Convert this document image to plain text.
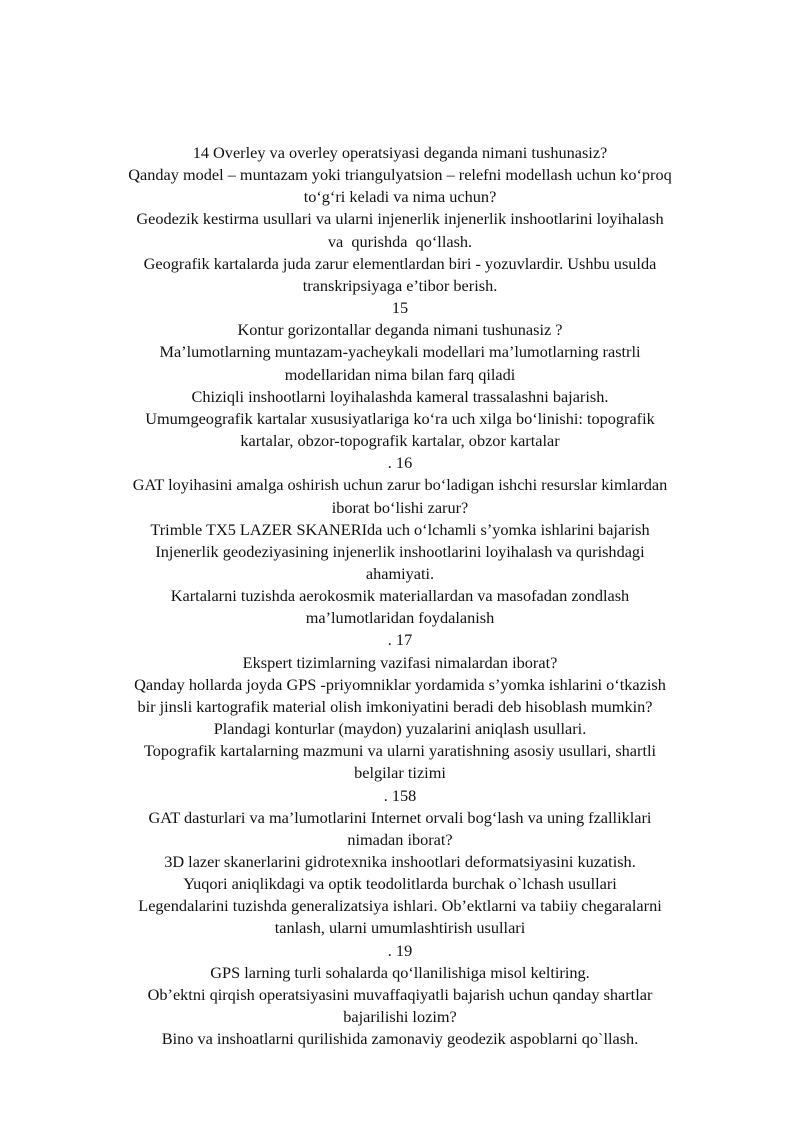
14 Overley va overley operatsiyasi deganda nimani tushunasiz?
Qanday model – muntazam yoki triangulyatsion – relefni modellash uchun ko‘proq
to‘g‘ri keladi va nima uchun?
Geodezik kestirma usullari va ularni injenerlik injenerlik inshootlarini loyihalash
va  qurishda  qo‘llash.
Geografik kartalarda juda zarur elementlardan biri - yozuvlardir. Ushbu usulda
transkripsiyaga e’tibor berish.
15
Kontur gorizontallar deganda nimani tushunasiz ?
Ma’lumotlarning muntazam-yacheykali modellari ma’lumotlarning rastrli
modellaridan nima bilan farq qiladi
Chiziqli inshootlarni loyihalashda kameral trassalashni bajarish.
Umumgeografik kartalar xususiyatlariga ko‘ra uch xilga bo‘linishi: topografik
kartalar, obzor-topografik kartalar, obzor kartalar
. 16
GAT loyihasini amalga oshirish uchun zarur bo‘ladigan ishchi resurslar kimlardan
iborat bo‘lishi zarur?
Trimble TX5 LAZER SKANERIda uch o‘lchamli s’yomka ishlarini bajarish
Injenerlik geodeziyasining injenerlik inshootlarini loyihalash va qurishdagi
ahamiyati.
Kartalarni tuzishda aerokosmik materiallardan va masofadan zondlash
ma’lumotlaridan foydalanish
. 17
Ekspert tizimlarning vazifasi nimalardan iborat?
Qanday hollarda joyda GPS -priyomniklar yordamida s’yomka ishlarini o‘tkazish
bir jinsli kartografik material olish imkoniyatini beradi deb hisoblash mumkin?
Plandagi konturlar (maydon) yuzalarini aniqlash usullari.
Topografik kartalarning mazmuni va ularni yaratishning asosiy usullari, shartli
belgilar tizimi
. 158
GAT dasturlari va ma’lumotlarini Internet orvali bog‘lash va uning fzalliklari
nimadan iborat?
3D lazer skanerlarini gidrotexnika inshootlari deformatsiyasini kuzatish.
Yuqori aniqlikdagi va optik teodolitlarda burchak o`lchash usullari
Legendalarini tuzishda generalizatsiya ishlari. Ob’ektlarni va tabiiy chegaralarni
tanlash, ularni umumlashtirish usullari
. 19
GPS larning turli sohalarda qo‘llanilishiga misol keltiring.
Ob’ektni qirqish operatsiyasini muvaffaqiyatli bajarish uchun qanday shartlar
bajarilishi lozim?
Bino va inshoatlarni qurilishida zamonaviy geodezik aspoblarni qo`llash.
